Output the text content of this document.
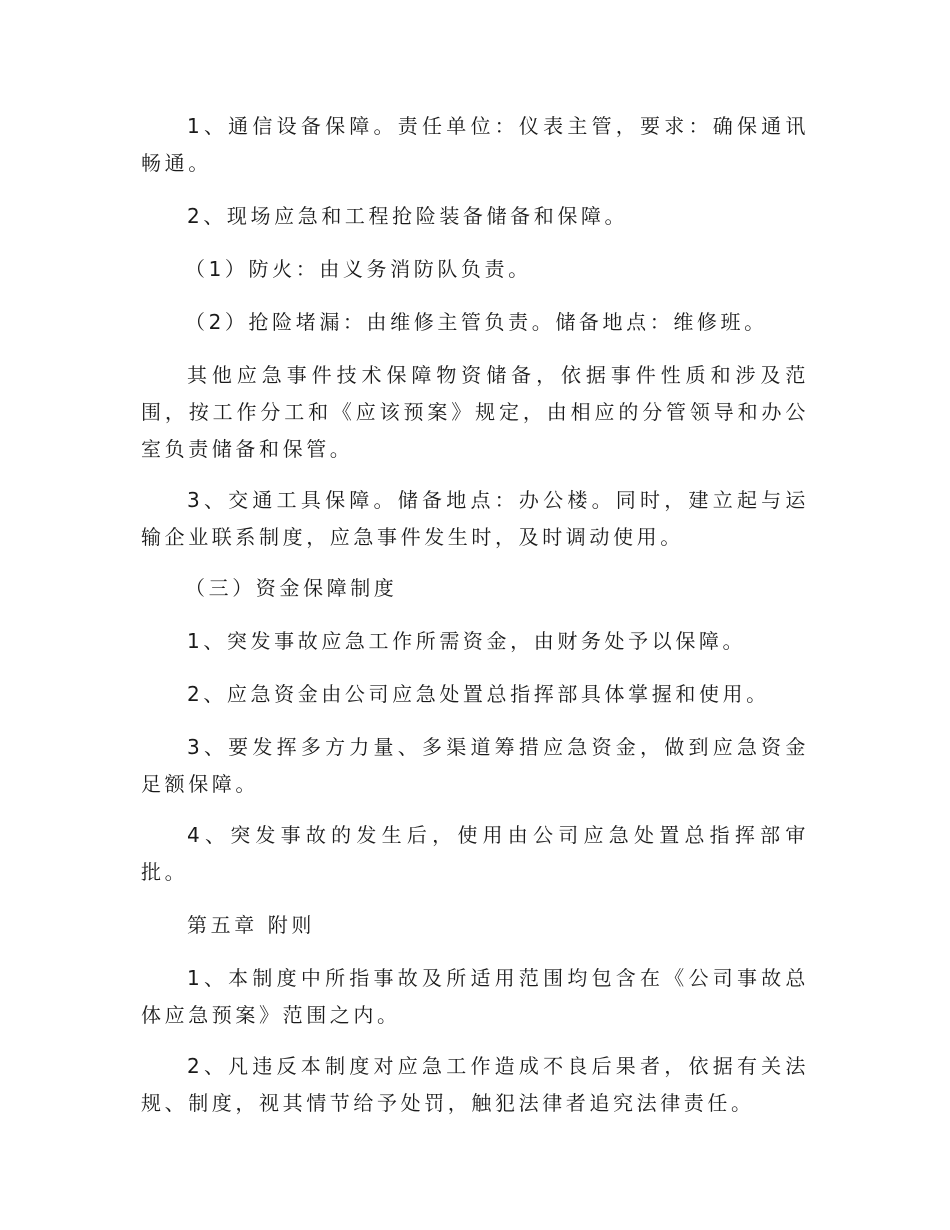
1、通信设备保障。责任单位：仪表主管，要求：确保通讯畅通。

2、现场应急和工程抢险装备储备和保障。

（1）防火：由义务消防队负责。

（2）抢险堵漏：由维修主管负责。储备地点：维修班。

其他应急事件技术保障物资储备，依据事件性质和涉及范围，按工作分工和《应该预案》规定，由相应的分管领导和办公室负责储备和保管。

3、交通工具保障。储备地点：办公楼。同时，建立起与运输企业联系制度，应急事件发生时，及时调动使用。

（三）资金保障制度

1、突发事故应急工作所需资金，由财务处予以保障。

2、应急资金由公司应急处置总指挥部具体掌握和使用。

3、要发挥多方力量、多渠道筹措应急资金，做到应急资金足额保障。

4、突发事故的发生后，使用由公司应急处置总指挥部审批。

第五章 附则

1、本制度中所指事故及所适用范围均包含在《公司事故总体应急预案》范围之内。

2、凡违反本制度对应急工作造成不良后果者，依据有关法规、制度，视其情节给予处罚，触犯法律者追究法律责任。
